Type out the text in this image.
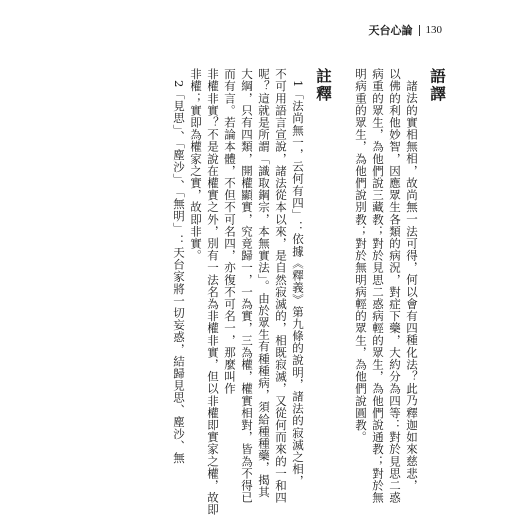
天台心論 130
語譯
諸法的實相無相，故尚無一法可得，何以會有四種化法？此乃釋迦如來慈悲，
以佛的利他妙智，因應眾生各類的病況，對症下藥，大約分為四等：對於見思二惑
病重的眾生，為他們說三藏教；對於見思二惑病輕的眾生，為他們說通教；對於無
明病重的眾生，為他們說別教；對於無明病輕的眾生，為他們說圓教。
註釋
1「法尚無一，云何有四」：依據《釋義》第九條的說明，諸法的寂滅之相，
不可用語言宣說，諸法從本以來，是自然寂滅的，相既寂滅，又從何而來的一和四
呢？這就是所謂「識取鋼宗，本無實法」。由於眾生有種種病，須給種種藥，揭其
大綱，只有四類，開權顯實，究竟歸一，一為實，三為權，權實相對，皆為不得已
而有言。若論本體，不但不可名四，亦復不可名一，那麼叫作
非權非實？不是說在權實之外，別有一法名為非權非實，但以非權即實家之權，故即
非權；實即為權家之實，故即非實。
2「見思」、「塵沙」、「無明」：天台家將一切妄惑，結歸見思、塵沙、無
